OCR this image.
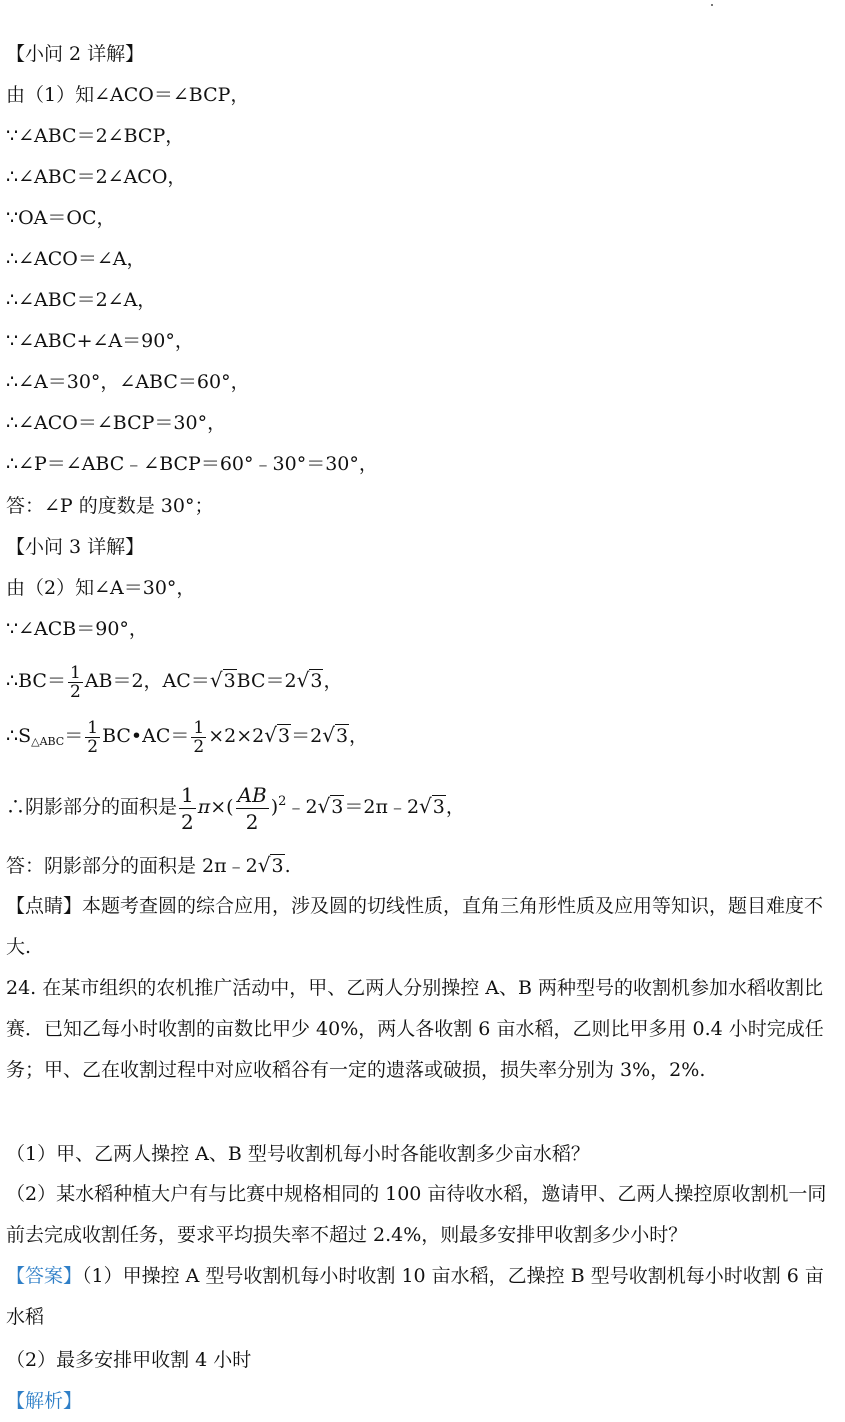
【小问 2 详解】
由（1）知∠ACO＝∠BCP，
∵∠ABC＝2∠BCP，
∴∠ABC＝2∠ACO，
∵OA＝OC，
∴∠ACO＝∠A，
∴∠ABC＝2∠A，
∵∠ABC+∠A＝90°，
∴∠A＝30°，∠ABC＝60°，
∴∠ACO＝∠BCP＝30°，
∴∠P＝∠ABC﹣∠BCP＝60°﹣30°＝30°，
答：∠P 的度数是 30°；
【小问 3 详解】
由（2）知∠A＝30°，
∵∠ACB＝90°，
∴BC＝ $\frac{1}{2} AB=2$，AC＝√3BC＝2√3，
$\therefore S_{\triangle ABC}= \frac{1}{2}$ BC•AC＝ $\frac{1}{2} \times 2\times 2√3=2√3$，
∴阴影部分的面积是 $\frac{1}{2} \pi\times( \frac{AB}{2}$ )$^2﹣2√3=2\pi﹣2√3$，
答：阴影部分的面积是 2π﹣2√3.
【点睛】本题考查圆的综合应用，涉及圆的切线性质，直角三角形性质及应用等知识，题目难度不大.
24. 在某市组织的农机推广活动中，甲、乙两人分别操控 A、B 两种型号的收割机参加水稻收割比赛．已知乙每小时收割的亩数比甲少 40%，两人各收割 6 亩水稻，乙则比甲多用 0.4 小时完成任务；甲、乙在收割过程中对应收稻谷有一定的遗落或破损，损失率分别为 3%，2%.
（1）甲、乙两人操控 A、B 型号收割机每小时各能收割多少亩水稻？
（2）某水稻种植大户有与比赛中规格相同的 100 亩待收水稻，邀请甲、乙两人操控原收割机一同前去完成收割任务，要求平均损失率不超过 2.4%，则最多安排甲收割多少小时？
【答案】（1）甲操控 A 型号收割机每小时收割 10 亩水稻，乙操控 B 型号收割机每小时收割 6 亩水稻
（2）最多安排甲收割 4 小时
【解析】
